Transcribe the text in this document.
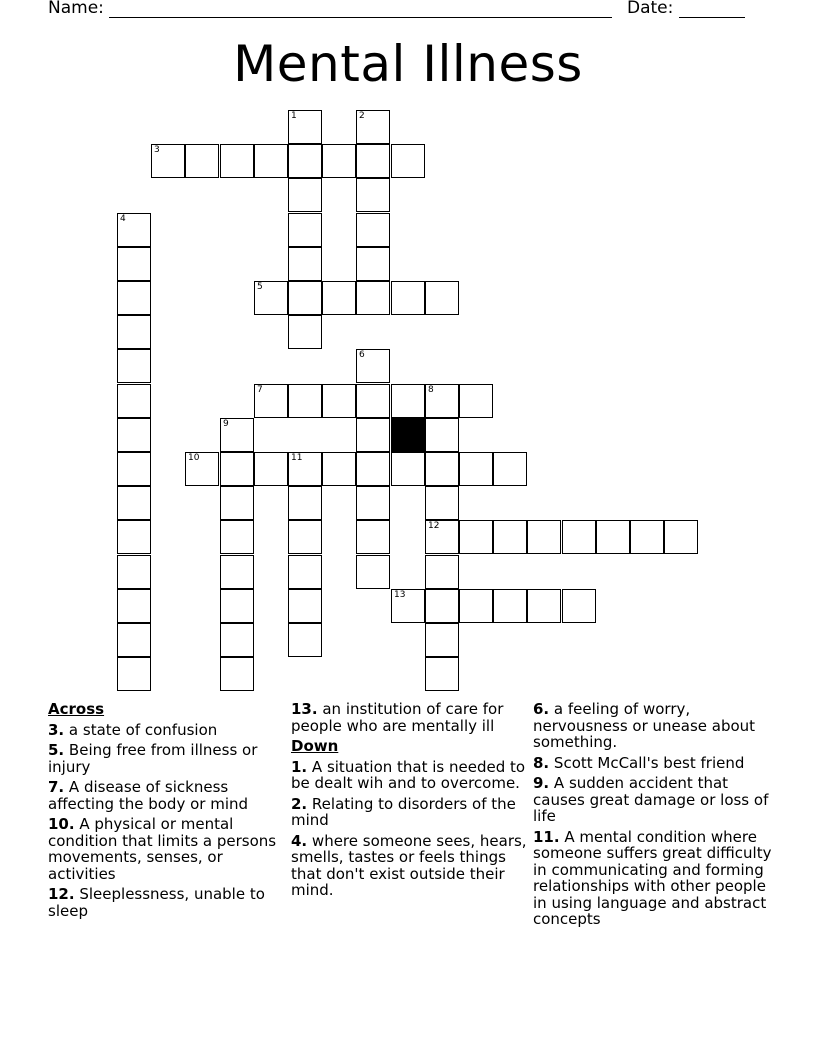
Name:	Date:
Mental Illness
1	2
3
4
5
6
7	8
12
9
10	11
13
Across
3. a state of confusion
5. Being free from illness or injury
7. A disease of sickness affecting the body or mind
10. A physical or mental condition that limits a persons movements, senses, or activities
12. Sleeplessness, unable to sleep
13. an institution of care for people who are mentally ill
Down
1. A situation that is needed to be dealt wih and to overcome.
2. Relating to disorders of the mind
4. where someone sees, hears, smells, tastes or feels things that don't exist outside their mind.
6. a feeling of worry, nervousness or unease about something.
8. Scott McCall's best friend
9. A sudden accident that causes great damage or loss of life
11. A mental condition where someone suffers great difficulty in communicating and forming relationships with other people in using language and abstract concepts
